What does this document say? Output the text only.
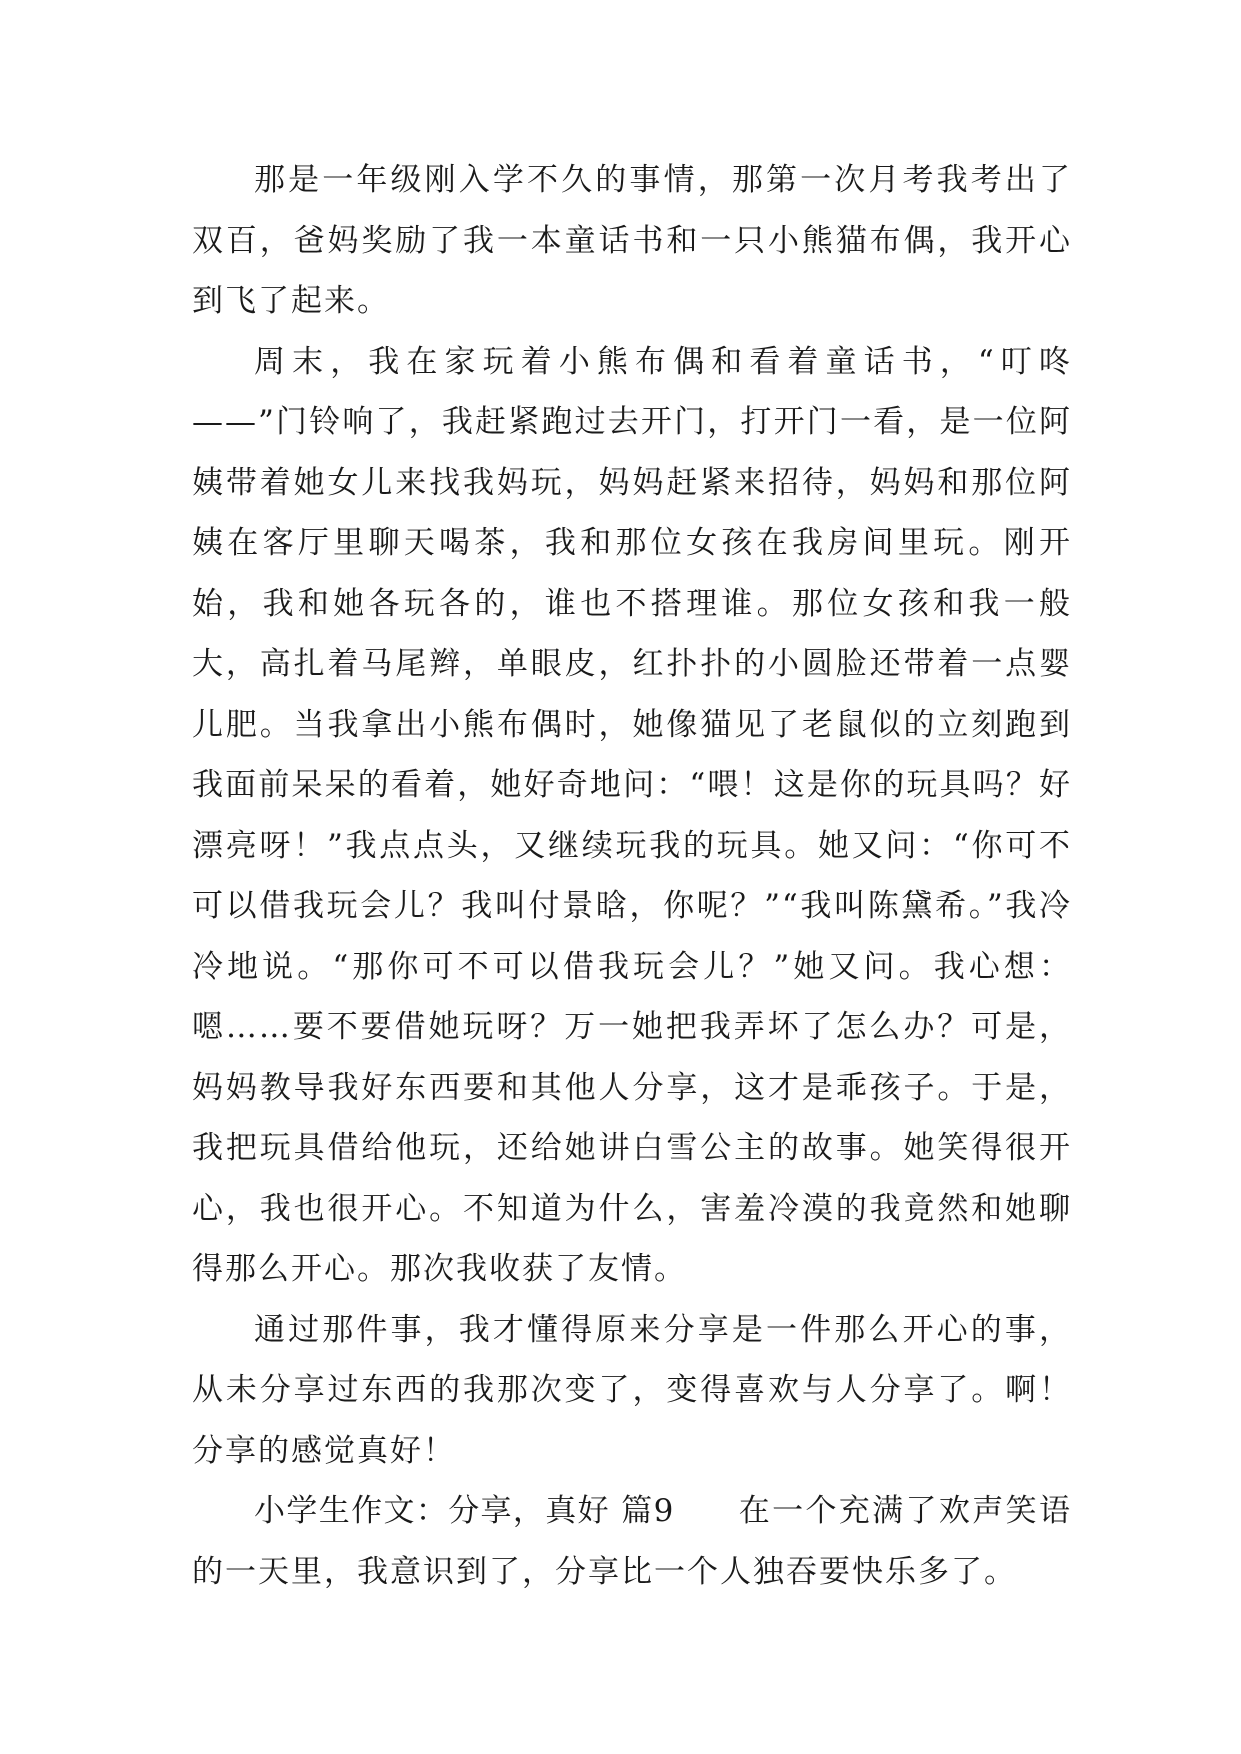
那是一年级刚入学不久的事情，那第一次月考我考出了双百，爸妈奖励了我一本童话书和一只小熊猫布偶，我开心到飞了起来。

周末，我在家玩着小熊布偶和看着童话书，“叮咚——”门铃响了，我赶紧跑过去开门，打开门一看，是一位阿姨带着她女儿来找我妈玩，妈妈赶紧来招待，妈妈和那位阿姨在客厅里聊天喝茶，我和那位女孩在我房间里玩。刚开始，我和她各玩各的，谁也不搭理谁。那位女孩和我一般大，高扎着马尾辫，单眼皮，红扑扑的小圆脸还带着一点婴儿肥。当我拿出小熊布偶时，她像猫见了老鼠似的立刻跑到我面前呆呆的看着，她好奇地问：“喂！这是你的玩具吗？好漂亮呀！”我点点头，又继续玩我的玩具。她又问：“你可不可以借我玩会儿？我叫付景晗，你呢？”“我叫陈黛希。”我冷冷地说。“那你可不可以借我玩会儿？”她又问。我心想：嗯……要不要借她玩呀？万一她把我弄坏了怎么办？可是，妈妈教导我好东西要和其他人分享，这才是乖孩子。于是，我把玩具借给他玩，还给她讲白雪公主的故事。她笑得很开心，我也很开心。不知道为什么，害羞冷漠的我竟然和她聊得那么开心。那次我收获了友情。

通过那件事，我才懂得原来分享是一件那么开心的事，从未分享过东西的我那次变了，变得喜欢与人分享了。啊！分享的感觉真好！

小学生作文：分享，真好 篇9 在一个充满了欢声笑语的一天里，我意识到了，分享比一个人独吞要快乐多了。
